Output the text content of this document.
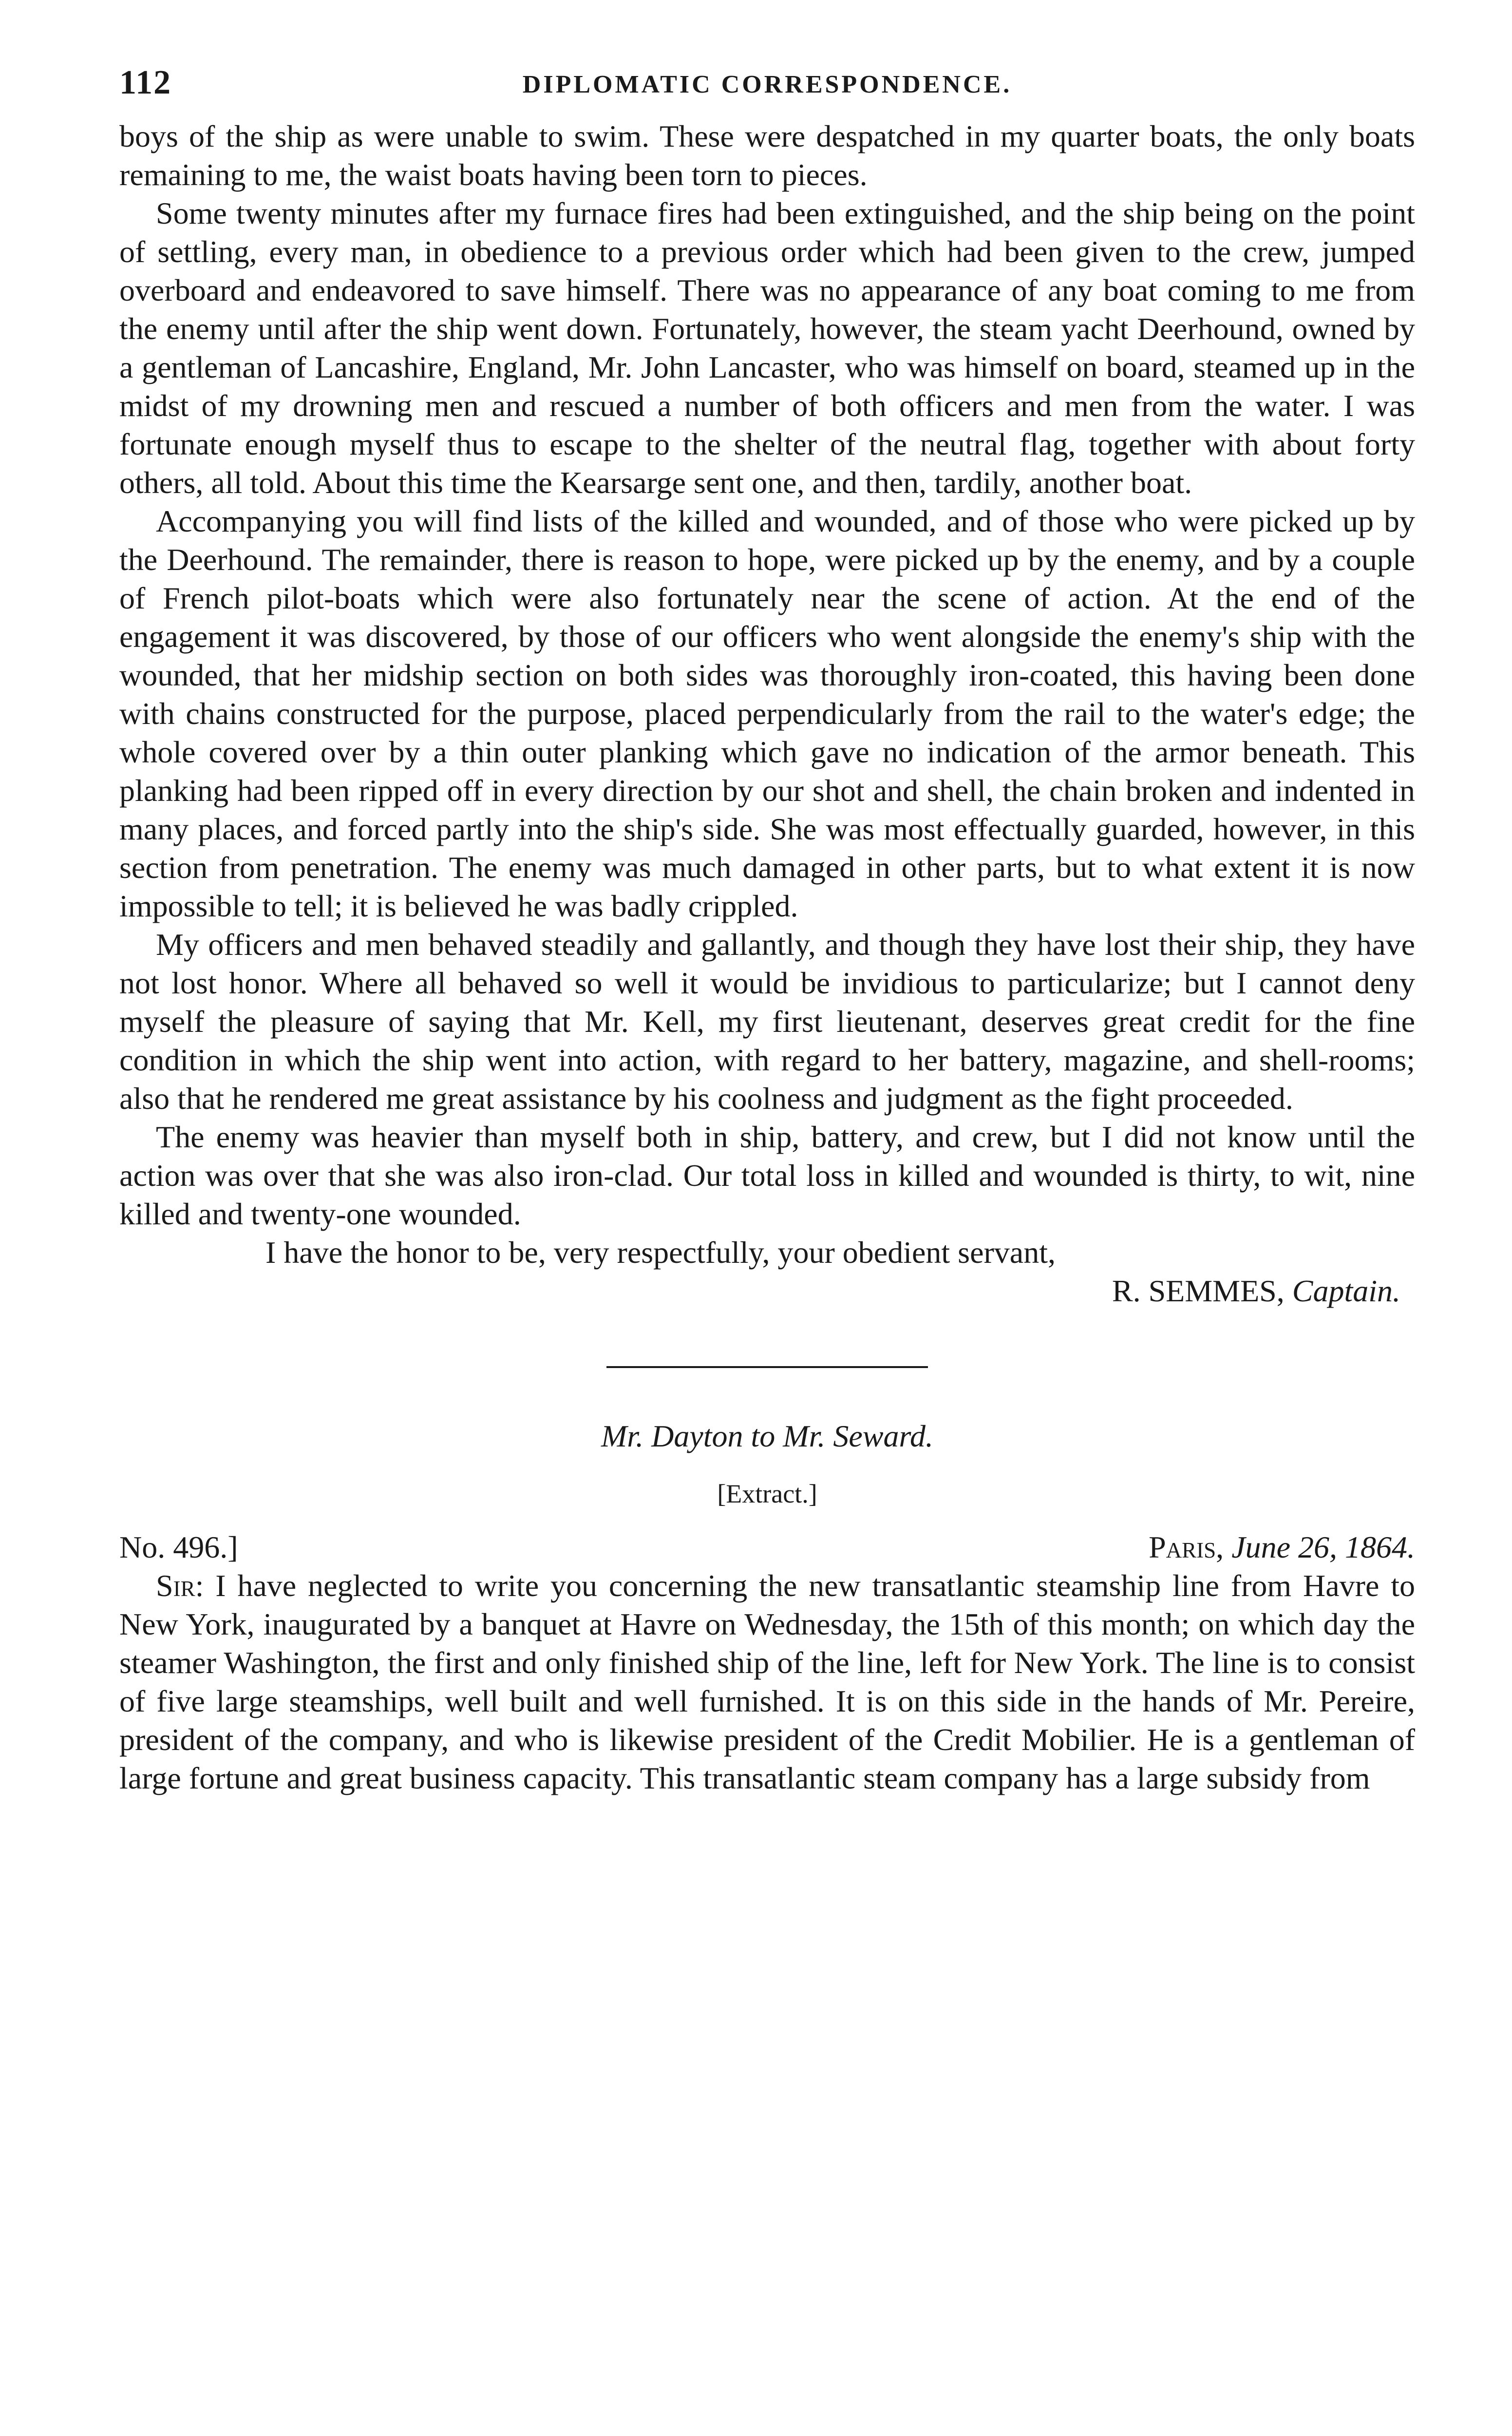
112	DIPLOMATIC CORRESPONDENCE.

boys of the ship as were unable to swim. These were despatched in my quarter boats, the only boats remaining to me, the waist boats having been torn to pieces.

Some twenty minutes after my furnace fires had been extinguished, and the ship being on the point of settling, every man, in obedience to a previous order which had been given to the crew, jumped overboard and endeavored to save himself. There was no appearance of any boat coming to me from the enemy until after the ship went down. Fortunately, however, the steam yacht Deerhound, owned by a gentleman of Lancashire, England, Mr. John Lancaster, who was himself on board, steamed up in the midst of my drowning men and rescued a number of both officers and men from the water. I was fortunate enough myself thus to escape to the shelter of the neutral flag, together with about forty others, all told. About this time the Kearsarge sent one, and then, tardily, another boat.

Accompanying you will find lists of the killed and wounded, and of those who were picked up by the Deerhound. The remainder, there is reason to hope, were picked up by the enemy, and by a couple of French pilot-boats which were also fortunately near the scene of action. At the end of the engagement it was discovered, by those of our officers who went alongside the enemy's ship with the wounded, that her midship section on both sides was thoroughly iron-coated, this having been done with chains constructed for the purpose, placed perpendicularly from the rail to the water's edge; the whole covered over by a thin outer planking which gave no indication of the armor beneath. This planking had been ripped off in every direction by our shot and shell, the chain broken and indented in many places, and forced partly into the ship's side. She was most effectually guarded, however, in this section from penetration. The enemy was much damaged in other parts, but to what extent it is now impossible to tell; it is believed he was badly crippled.

My officers and men behaved steadily and gallantly, and though they have lost their ship, they have not lost honor. Where all behaved so well it would be invidious to particularize; but I cannot deny myself the pleasure of saying that Mr. Kell, my first lieutenant, deserves great credit for the fine condition in which the ship went into action, with regard to her battery, magazine, and shell-rooms; also that he rendered me great assistance by his coolness and judgment as the fight proceeded.

The enemy was heavier than myself both in ship, battery, and crew, but I did not know until the action was over that she was also iron-clad. Our total loss in killed and wounded is thirty, to wit, nine killed and twenty-one wounded.

I have the honor to be, very respectfully, your obedient servant,

R. SEMMES, Captain.

Mr. Dayton to Mr. Seward.

[Extract.]

No. 496.]	Paris, June 26, 1864.

Sir: I have neglected to write you concerning the new transatlantic steamship line from Havre to New York, inaugurated by a banquet at Havre on Wednesday, the 15th of this month; on which day the steamer Washington, the first and only finished ship of the line, left for New York. The line is to consist of five large steamships, well built and well furnished. It is on this side in the hands of Mr. Pereire, president of the company, and who is likewise president of the Credit Mobilier. He is a gentleman of large fortune and great business capacity. This transatlantic steam company has a large subsidy from
